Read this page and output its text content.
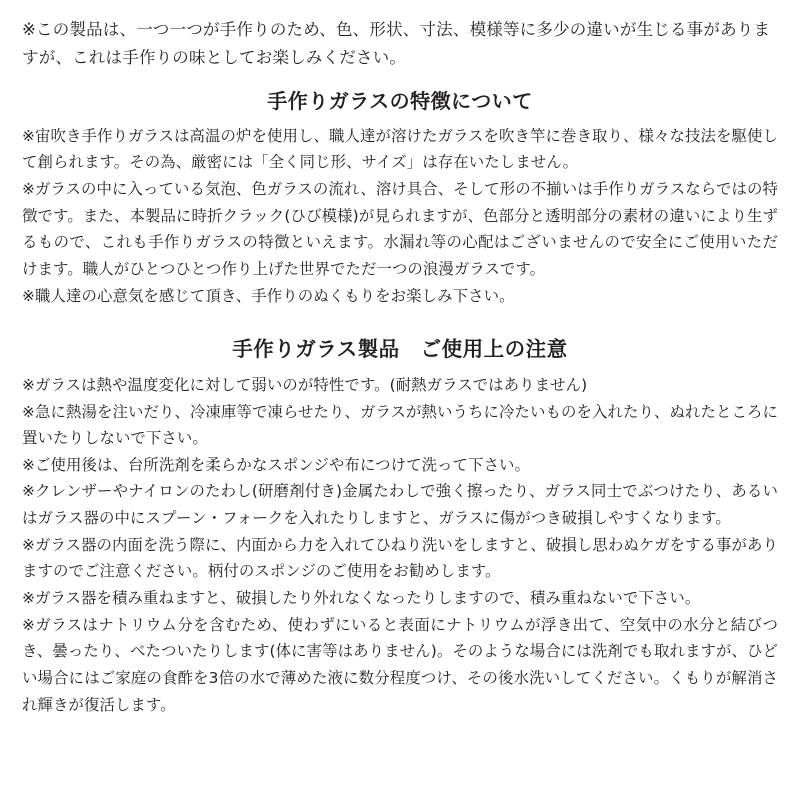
※この製品は、一つ一つが手作りのため、色、形状、寸法、模様等に多少の違いが生じる事がありますが、これは手作りの味としてお楽しみください。

手作りガラスの特徴について

※宙吹き手作りガラスは高温の炉を使用し、職人達が溶けたガラスを吹き竿に巻き取り、様々な技法を駆使して創られます。その為、厳密には「全く同じ形、サイズ」は存在いたしません。

※ガラスの中に入っている気泡、色ガラスの流れ、溶け具合、そして形の不揃いは手作りガラスならではの特徴です。また、本製品に時折クラック(ひび模様)が見られますが、色部分と透明部分の素材の違いにより生ずるもので、これも手作りガラスの特徴といえます。水漏れ等の心配はございませんので安全にご使用いただけます。職人がひとつひとつ作り上げた世界でただ一つの浪漫ガラスです。

※職人達の心意気を感じて頂き、手作りのぬくもりをお楽しみ下さい。

手作りガラス製品　ご使用上の注意

※ガラスは熱や温度変化に対して弱いのが特性です。(耐熱ガラスではありません)

※急に熱湯を注いだり、冷凍庫等で凍らせたり、ガラスが熱いうちに冷たいものを入れたり、ぬれたところに置いたりしないで下さい。

※ご使用後は、台所洗剤を柔らかなスポンジや布につけて洗って下さい。

※クレンザーやナイロンのたわし(研磨剤付き)金属たわしで強く擦ったり、ガラス同士でぶつけたり、あるいはガラス器の中にスプーン・フォークを入れたりしますと、ガラスに傷がつき破損しやすくなります。

※ガラス器の内面を洗う際に、内面から力を入れてひねり洗いをしますと、破損し思わぬケガをする事がありますのでご注意ください。柄付のスポンジのご使用をお勧めします。

※ガラス器を積み重ねますと、破損したり外れなくなったりしますので、積み重ねないで下さい。

※ガラスはナトリウム分を含むため、使わずにいると表面にナトリウムが浮き出て、空気中の水分と結びつき、曇ったり、べたついたりします(体に害等はありません)。そのような場合には洗剤でも取れますが、ひどい場合にはご家庭の食酢を3倍の水で薄めた液に数分程度つけ、その後水洗いしてください。くもりが解消され輝きが復活します。
